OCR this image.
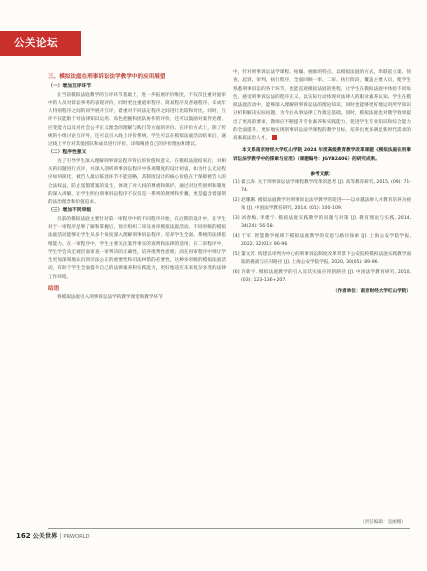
公关论坛
三、模拟法庭在刑事诉讼法学教学中的应用展望
（一）增加互评环节

在当前模拟法庭教学的互评环节基础上，进一步拓展评价维度，不仅仅注重对庭审中的人员对诉讼事务的表现评价，同时更注重庭审程序、简易程序及普通程序、未成年人特别程序之间的同学展开互评，着重对不同法定程序之间进行比较和对比。同时，互评不仅能限于对法律知识运用、角色把握和团队协作的评价，还可以鼓励对案件处理、应变能力以及对社会公平正义理念的理解与践行等方面的评价。在评价方式上，除了传统的小组讨论互评外，还可以引入线上评价系统，学生可以在模拟法庭活动结束后，通过线上平台对其他团队和成员进行评价，详细阐述自己的评价理由和建议。

（二）程序性意义

为了引导学生深入理解刑事诉讼程序背后的价值和意义，在模拟法庭结束后，对相关的问题进行点评，并深入剖析刑事诉讼程序中各项制度的设计初衷。如为什么无论程序如何简化，被告人最后陈述环节不能省略，其制度设计的核心价值在于保障被告人的合法权益，防止冤假错案的发生，体现了对人权的尊重和保护。通过对这些原则和制度的深入讲解，让学生明白刑事诉讼程序不仅仅是一系列的规则和步骤，更是蕴含着深刻的法治理念和价值追求。

（三）增加不同审级

目前的模拟法庭主要针对第一审程序中的不同程序开始，在后期的设计中，在学生对于一审程序足够了解和掌握后，预计组织二审及再审模拟法庭活动。不同审级的模拟法庭活动能够让学生从多个角度深入理解刑事诉讼程序，培养学生全面、系统的法律思维能力。在一审程序中，学生主要关注案件事实的查明和法律的适用；在二审程序中，学生学会从宏观层面审查一审判决的正确性。培养批判性思维；而在再审程序中则让学生更加深刻地认识到司法公正的重要性和司法纠错的必要性。这种多审级的模拟法庭活动，有助于学生全面提升自己的法律素养和实践能力，更好地适应未来复杂多变的法律工作环境。

结语

将模拟法庭引入刑事诉讼法学的教学课堂和教学环节

中，针对刑事诉讼法学课程、枯燥、抽象的特点，以模拟法庭的方式，串联起立案、侦查、起诉、审判、执行程序，全面回顾一审、二审、执行阶段，覆盖主要人员，使学生熟悉刑事诉讼的各个环节，也能直观模拟法庭的进程，让学生在模拟法庭中体验不同角色，感受刑事诉讼法的程序正义，以实际行动体现对法律人的职业素养认知。学生在模拟法庭活动中，能够深入理解刑事诉讼法的理论知识，同时也能够更好地运用所学知识分析和解决实际问题，为今后从事法律工作奠定基础。同时，模拟法庭也对教学效果提出了更高的要求，教师应不断提升专业素养和实践能力，促进学生专业知识和综合能力的全面提升，更好地实现刑事诉讼法学课程的教学目标，培养出更多满足新时代需求的高素质法治人才。

本文系南京财经大学红山学院 2024 年度高级教育教学改革课题《模拟法庭在刑事诉讼法学教学中的探索与应用》（课题编号：JGYB2406）的研究成果。

参考文献：
[1] 翟云涛. 关于刑事诉讼法学课程教学改革的思考 [J]. 高等教育研究, 2015, (09): 71-74.
[2] 赵珊珊. 模拟法庭教学对刑事诉讼法学教学的促进——以卓越法律人才教育培养为视角 [J]. 中国法学教育研究, 2014, (01): 100-109.
[3] 刘春梅, 李建宁. 模拟法庭实践教学的问题与对策 [J]. 教育理论与实践, 2014, 34(24): 56-58.
[4] 于军. 智慧教学视域下模拟法庭教学的反思与路径探索 [J]. 上海公安学院学报, 2022, 32(01): 86-96.
[5] 董文芳. 构建以审判为中心的刑事诉讼制度改革背景下公安院校模拟法庭实践教学面临的挑战与应对路径 [J]. 上海公安学院学报, 2020, 30(05): 89-96.
[6] 许新宇. 模拟法庭教学的引入及其实质应用的路径 [J]. 中国法学教育研究, 2010, (03): 123-136+207.
（作者单位：南京财经大学红山学院）
（责任编辑：袁丽娜）
162 公关世界 | PRWORLD
